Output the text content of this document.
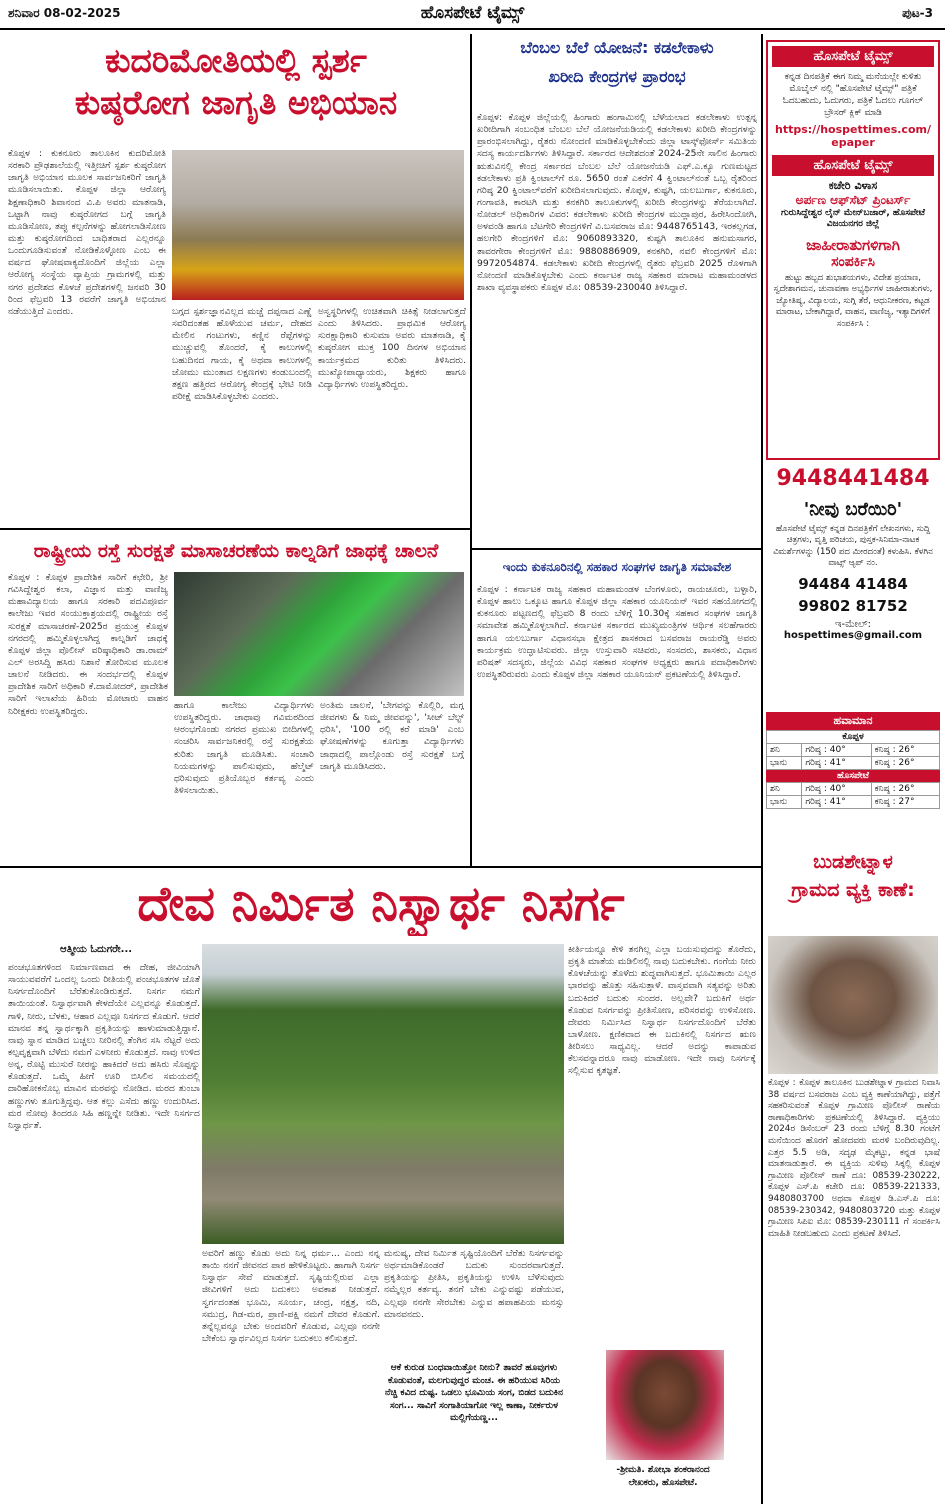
ಹೊಸಪೇಟೆ ಟೈಮ್ಸ್
ಶನಿವಾರ 08-02-2025	ಪುಟ-3
ಕುದರಿಮೋತಿಯಲ್ಲಿ ಸ್ಪರ್ಶ
ಕುಷ್ಠರೋಗ ಜಾಗೃತಿ ಅಭಿಯಾನ
ಕೊಪ್ಪಳ : ಕುಕನೂರು ತಾಲೂಕಿನ ಕುದರಿಮೋತಿ ಸರಕಾರಿ ಪ್ರೌಢಶಾಲೆಯಲ್ಲಿ ಇತ್ತೀಚಿಗೆ ಸ್ಪರ್ಶ ಕುಷ್ಠರೋಗ ಜಾಗೃತಿ ಅಭಿಯಾನ ಮೂಲಕ ಸಾರ್ವಜನಿಕರಿಗೆ ಜಾಗೃತಿ ಮೂಡಿಸಲಾಯಿತು. ಕೊಪ್ಪಳ ಜಿಲ್ಲಾ ಆರೋಗ್ಯ ಶಿಕ್ಷಣಾಧಿಕಾರಿ ಶಿವಾನಂದ ವಿ.ಪಿ ಅವರು ಮಾತನಾಡಿ, ಒಟ್ಟಾಗಿ ನಾವು ಕುಷ್ಠರೋಗದ ಬಗ್ಗೆ ಜಾಗೃತಿ ಮೂಡಿಸೋಣ, ತಪ್ಪು ಕಲ್ಪನೆಗಳನ್ನು ಹೋಗಲಾಡಿಸೋಣ ಮತ್ತು ಕುಷ್ಠರೋಗದಿಂದ ಬಾಧಿತರಾದ ಎಲ್ಲರನ್ನೂ ಒಂದುಗೂಡಿಸುವಂತೆ ನೋಡಿಕೊಳ್ಳೋಣ ಎಂಬ ಈ ವರ್ಷದ ಘೋಷವಾಕ್ಯದೊಂದಿಗೆ ಜಿಲ್ಲೆಯ ಎಲ್ಲಾ ಆರೋಗ್ಯ ಸಂಸ್ಥೆಯ ವ್ಯಾಪ್ತಿಯ ಗ್ರಾಮಗಳಲ್ಲಿ ಮತ್ತು ನಗರ ಪ್ರದೇಶದ ಕೊಳಚೆ ಪ್ರದೇಶಗಳಲ್ಲಿ ಜನವರಿ 30 ರಿಂದ ಫೆಬ್ರವರಿ 13 ರವರೆಗೆ ಜಾಗೃತಿ ಅಭಿಯಾನ ನಡೆಯುತ್ತಿದೆ ಎಂದರು.	ಬಗ್ಗದ ಸ್ಪರ್ಶಜ್ಞಾನವಿಲ್ಲದ ಮಚ್ಚೆ ದಪ್ಪನಾದ ಎಣ್ಣೆ ಸವರಿದಂತಹ ಹೊಳೆಯುವ ಚರ್ಮ, ದೇಹದ ಮೇಲಿನ ಗಂಟುಗಳು, ಕಣ್ಣಿನ ರೆಪ್ಪೆಗಳನ್ನು ಮುಚ್ಚುವಲ್ಲಿ ತೊಂದರೆ, ಕೈ ಕಾಲುಗಳಲ್ಲಿ ಬಹುದಿನದ ಗಾಯ, ಕೈ ಅಥವಾ ಕಾಲುಗಳಲ್ಲಿ ಜೋಮು ಮುಂತಾದ ಲಕ್ಷಣಗಳು ಕಂಡುಬಂದಲ್ಲಿ ತಕ್ಷಣ ಹತ್ತಿರದ ಆರೋಗ್ಯ ಕೇಂದ್ರಕ್ಕೆ ಭೇಟಿ ನೀಡಿ ಪರೀಕ್ಷೆ ಮಾಡಿಸಿಕೊಳ್ಳಬೇಕು ಎಂದರು.
ಅಸ್ವಸ್ಥರಿಗಳಲ್ಲಿ ಉಚಿತವಾಗಿ ಚಿಕಿತ್ಸೆ ನೀಡಲಾಗುತ್ತದೆ ಎಂದು ತಿಳಿಸಿದರು. ಪ್ರಾಥಮಿಕ ಆರೋಗ್ಯ ಸುರಕ್ಷಾಧಿಕಾರಿ ಕುಸುಮಾ ಅವರು ಮಾತನಾಡಿ, ಕೈ ಕುಷ್ಠರೋಗ ಮುಕ್ತ 100 ದಿನಗಳ ಅಭಿಯಾನ ಕಾರ್ಯಕ್ರಮದ ಕುರಿತು ತಿಳಿಸಿದರು. ಮುಖ್ಯೋಪಾಧ್ಯಾಯರು, ಶಿಕ್ಷಕರು ಹಾಗೂ ವಿದ್ಯಾರ್ಥಿಗಳು ಉಪಸ್ಥಿತರಿದ್ದರು.
ರಾಷ್ಟ್ರೀಯ ರಸ್ತೆ ಸುರಕ್ಷತೆ ಮಾಸಾಚರಣೆಯ ಕಾಲ್ನಡಿಗೆ ಜಾಥಕ್ಕೆ ಚಾಲನೆ
ಕೊಪ್ಪಳ : ಕೊಪ್ಪಳ ಪ್ರಾದೇಶಿಕ ಸಾರಿಗೆ ಕಛೇರಿ, ಶ್ರೀ ಗವಿಸಿದ್ದೇಶ್ವರ ಕಲಾ, ವಿಜ್ಞಾನ ಮತ್ತು ವಾಣಿಜ್ಯ ಮಹಾವಿದ್ಯಾಲಯ ಹಾಗೂ ಸರಕಾರಿ ಪದವಿಪೂರ್ವ ಕಾಲೇಜು ಇವರ ಸಂಯುಕ್ತಾಶ್ರಯದಲ್ಲಿ ರಾಷ್ಟ್ರೀಯ ರಸ್ತೆ ಸುರಕ್ಷತೆ ಮಾಸಾಚರಣೆ-2025ರ ಪ್ರಯುಕ್ತ ಕೊಪ್ಪಳ ನಗರದಲ್ಲಿ ಹಮ್ಮಿಕೊಳ್ಳಲಾಗಿದ್ದ ಕಾಲ್ನಡಿಗೆ ಜಾಥಕ್ಕೆ ಕೊಪ್ಪಳ ಜಿಲ್ಲಾ ಪೊಲೀಸ್ ವರಿಷ್ಠಾಧಿಕಾರಿ ಡಾ.ರಾಮ್ ಎಲ್ ಅರಸಿದ್ದಿ ಹಸಿರು ನಿಶಾನೆ ತೋರಿಸುವ ಮೂಲಕ ಚಾಲನೆ ನೀಡಿದರು. ಈ ಸಂದರ್ಭದಲ್ಲಿ ಕೊಪ್ಪಳ ಪ್ರಾದೇಶಿಕ ಸಾರಿಗೆ ಅಧಿಕಾರಿ ಕೆ.ದಾಮೋದರ್, ಪ್ರಾದೇಶಿಕ ಸಾರಿಗೆ ಇಲಾಖೆಯ ಹಿರಿಯ ಮೋಟಾರು ವಾಹನ ನಿರೀಕ್ಷಕರು ಉಪಸ್ಥಿತರಿದ್ದರು.
ಹಾಗೂ ಕಾಲೇಜು ವಿದ್ಯಾರ್ಥಿಗಳು ಉಪಸ್ಥಿತರಿದ್ದರು. ಜಾಥಾವು ಗವಿಮಠದಿಂದ ಆರಂಭಗೊಂಡು ನಗರದ ಪ್ರಮುಖ ಬೀದಿಗಳಲ್ಲಿ ಸಂಚರಿಸಿ ಸಾರ್ವಜನಿಕರಲ್ಲಿ ರಸ್ತೆ ಸುರಕ್ಷತೆಯ ಕುರಿತು ಜಾಗೃತಿ ಮೂಡಿಸಿತು. ಸಂಚಾರಿ ನಿಯಮಗಳನ್ನು ಪಾಲಿಸುವುದು, ಹೆಲ್ಮೆಟ್ ಧರಿಸುವುದು ಪ್ರತಿಯೊಬ್ಬರ ಕರ್ತವ್ಯ ಎಂದು ತಿಳಿಸಲಾಯಿತು.
ಅಂತಿಮ ಚಾಲನೆ, 'ಬೇಗವನ್ನು ಕೊಲ್ಲಿರಿ, ಮಗ್ಗ ಜೀವಗಳು & ನಿಮ್ಮ ಜೀವವನ್ನು', 'ಸೀಟ್ ಬೆಲ್ಟ್ ಧರಿಸಿ', '100 ರಲ್ಲಿ ಕರೆ ಮಾಡಿ' ಎಂಬ ಘೋಷಣೆಗಳನ್ನು ಕೂಗುತ್ತಾ ವಿದ್ಯಾರ್ಥಿಗಳು ಜಾಥಾದಲ್ಲಿ ಪಾಲ್ಗೊಂಡು ರಸ್ತೆ ಸುರಕ್ಷತೆ ಬಗ್ಗೆ ಜಾಗೃತಿ ಮೂಡಿಸಿದರು.
ಬೆಂಬಲ ಬೆಲೆ ಯೋಜನೆ: ಕಡಲೇಕಾಳು
ಖರೀದಿ ಕೇಂದ್ರಗಳ ಪ್ರಾರಂಭ
ಕೊಪ್ಪಳ: ಕೊಪ್ಪಳ ಜಿಲ್ಲೆಯಲ್ಲಿ ಹಿಂಗಾರು ಹಂಗಾಮಿನಲ್ಲಿ ಬೆಳೆಯಲಾದ ಕಡಲೇಕಾಳು ಉತ್ಪನ್ನ ಖರೀದಿಗಾಗಿ ಸಂಬಂಧಿತ ಬೆಂಬಲ ಬೆಲೆ ಯೋಜನೆಯಡಿಯಲ್ಲಿ ಕಡಲೇಕಾಳು ಖರೀದಿ ಕೇಂದ್ರಗಳನ್ನು ಪ್ರಾರಂಭಿಸಲಾಗಿದ್ದು, ರೈತರು ನೋಂದಣಿ ಮಾಡಿಕೊಳ್ಳಬೇಕೆಂದು ಜಿಲ್ಲಾ ಟಾಸ್ಕ್‌ಫೋರ್ಸ್ ಸಮಿತಿಯ ಸದಸ್ಯ ಕಾರ್ಯದರ್ಶಿಗಳು ತಿಳಿಸಿದ್ದಾರೆ. ಸರ್ಕಾರದ ಆದೇಶದಂತೆ 2024-25ನೇ ಸಾಲಿನ ಹಿಂಗಾರು ಋತುವಿನಲ್ಲಿ ಕೇಂದ್ರ ಸರ್ಕಾರದ ಬೆಂಬಲ ಬೆಲೆ ಯೋಜನೆಯಡಿ ಎಫ್.ಎ.ಕ್ಯೂ ಗುಣಮಟ್ಟದ ಕಡಲೇಕಾಳು ಪ್ರತಿ ಕ್ವಿಂಟಾಲ್‌ಗೆ ರೂ. 5650 ರಂತೆ ಎಕರೆಗೆ 4 ಕ್ವಿಂಟಾಲ್‌ನಂತೆ ಒಬ್ಬ ರೈತರಿಂದ ಗರಿಷ್ಠ 20 ಕ್ವಿಂಟಾಲ್‌ವರೆಗೆ ಖರೀದಿಸಲಾಗುವುದು. ಕೊಪ್ಪಳ, ಕುಷ್ಟಗಿ, ಯಲಬುರ್ಗಾ, ಕುಕನೂರು, ಗಂಗಾವತಿ, ಕಾರಟಗಿ ಮತ್ತು ಕನಕಗಿರಿ ತಾಲೂಕುಗಳಲ್ಲಿ ಖರೀದಿ ಕೇಂದ್ರಗಳನ್ನು ತೆರೆಯಲಾಗಿದೆ. ನೋಡಲ್ ಅಧಿಕಾರಿಗಳ ವಿವರ: ಕಡಲೇಕಾಳು ಖರೀದಿ ಕೇಂದ್ರಗಳ ಮುದ್ಲಾಪುರ, ಹಿರೇಸಿಂದೋಗಿ, ಅಳವಂಡಿ ಹಾಗೂ ಬೆಟಗೇರಿ ಕೇಂದ್ರಗಳಿಗೆ ವಿ.ಬಸವರಾಜ ಮೊ: 9448765143, ಇರಕಲ್ಲಗಡ, ಹಲಗೇರಿ ಕೇಂದ್ರಗಳಿಗೆ ಮೊ: 9060893320, ಕುಷ್ಟಗಿ ತಾಲೂಕಿನ ಹನುಮಸಾಗರ, ತಾವರಗೇರಾ ಕೇಂದ್ರಗಳಿಗೆ ಮೊ: 9880886909, ಕನಕಗಿರಿ, ನವಲಿ ಕೇಂದ್ರಗಳಿಗೆ ಮೊ: 9972054874. ಕಡಲೇಕಾಳು ಖರೀದಿ ಕೇಂದ್ರಗಳಲ್ಲಿ ರೈತರು ಫೆಬ್ರವರಿ 2025 ರೊಳಗಾಗಿ ನೋಂದಣಿ ಮಾಡಿಕೊಳ್ಳಬೇಕು ಎಂದು ಕರ್ನಾಟಕ ರಾಜ್ಯ ಸಹಕಾರ ಮಾರಾಟ ಮಹಾಮಂಡಳದ ಶಾಖಾ ವ್ಯವಸ್ಥಾಪಕರು ಕೊಪ್ಪಳ ಮೊ: 08539-230040 ತಿಳಿಸಿದ್ದಾರೆ.
ಇಂದು ಕುಕನೂರಿನಲ್ಲಿ ಸಹಕಾರ ಸಂಘಗಳ ಜಾಗೃತಿ ಸಮಾವೇಶ
ಕೊಪ್ಪಳ : ಕರ್ನಾಟಕ ರಾಜ್ಯ ಸಹಕಾರ ಮಹಾಮಂಡಳ ಬೆಂಗಳೂರು, ರಾಯಚೂರು, ಬಳ್ಳಾರಿ, ಕೊಪ್ಪಳ ಹಾಲು ಒಕ್ಕೂಟ ಹಾಗೂ ಕೊಪ್ಪಳ ಜಿಲ್ಲಾ ಸಹಕಾರ ಯೂನಿಯನ್ ಇವರ ಸಹಯೋಗದಲ್ಲಿ ಕುಕನೂರು ಪಟ್ಟಣದಲ್ಲಿ ಫೆಬ್ರವರಿ 8 ರಂದು ಬೆಳಿಗ್ಗೆ 10.30ಕ್ಕೆ ಸಹಕಾರ ಸಂಘಗಳ ಜಾಗೃತಿ ಸಮಾವೇಶ ಹಮ್ಮಿಕೊಳ್ಳಲಾಗಿದೆ. ಕರ್ನಾಟಕ ಸರ್ಕಾರದ ಮುಖ್ಯಮಂತ್ರಿಗಳ ಆರ್ಥಿಕ ಸಲಹೆಗಾರರು ಹಾಗೂ ಯಲಬುರ್ಗಾ ವಿಧಾನಸಭಾ ಕ್ಷೇತ್ರದ ಶಾಸಕರಾದ ಬಸವರಾಜ ರಾಯರೆಡ್ಡಿ ಅವರು ಕಾರ್ಯಕ್ರಮ ಉದ್ಘಾಟಿಸುವರು. ಜಿಲ್ಲಾ ಉಸ್ತುವಾರಿ ಸಚಿವರು, ಸಂಸದರು, ಶಾಸಕರು, ವಿಧಾನ ಪರಿಷತ್ ಸದಸ್ಯರು, ಜಿಲ್ಲೆಯ ವಿವಿಧ ಸಹಕಾರ ಸಂಘಗಳ ಅಧ್ಯಕ್ಷರು ಹಾಗೂ ಪದಾಧಿಕಾರಿಗಳು ಉಪಸ್ಥಿತರಿರುವರು ಎಂದು ಕೊಪ್ಪಳ ಜಿಲ್ಲಾ ಸಹಕಾರ ಯೂನಿಯನ್ ಪ್ರಕಟಣೆಯಲ್ಲಿ ತಿಳಿಸಿದ್ದಾರೆ.
ಹೊಸಪೇಟೆ ಟೈಮ್ಸ್
ಕನ್ನಡ ದಿನಪತ್ರಿಕೆ ಈಗ ನಿಮ್ಮ ಮನೆಯಲ್ಲೇ ಕುಳಿತು ಮೊಬೈಲ್ ನಲ್ಲಿ "ಹೊಸಪೇಟೆ ಟೈಮ್ಸ್" ಪತ್ರಿಕೆ ಓದಬಹುದು, ಓದುಗರು, ಪತ್ರಿಕೆ ಓದಲು ಗೂಗಲ್ ಬ್ರೌಸರ್ ಕ್ಲಿಕ್ ಮಾಡಿ
https://hospettimes.com/
epaper
ಹೊಸಪೇಟೆ ಟೈಮ್ಸ್
ಕಚೇರಿ ವಿಳಾಸ
ಅರ್ಪಣ ಆಫ್‌ಸೆಟ್ ಪ್ರಿಂಟರ್ಸ್
ಗುರುಸಿದ್ದೇಶ್ವರ ಲೈನ್ ಮೇನ್‌ಬಜಾರ್, ಹೊಸಪೇಟೆ ವಿಜಯನಗರ ಜಿಲ್ಲೆ
ಜಾಹೀರಾತುಗಳಿಗಾಗಿ
ಸಂಪರ್ಕಿಸಿ
ಹುಟ್ಟು ಹಬ್ಬದ ಶುಭಾಶಯಗಳು, ವಿದೇಶ ಪ್ರಯಾಣ, ಸ್ವದೇಶಾಗಮನ, ಚುನಾವಣಾ ಅಭ್ಯರ್ಥಿಗಳ ಜಾಹೀರಾತುಗಳು, ಜ್ಯೋತಿಷ್ಯ, ವಿದ್ಯಾಲಯ, ಸುಗ್ಗಿ ತೆರೆ, ಆಧುನೀಕರಣ, ಕಟ್ಟಡ ಮಾರಾಟ, ಬೇಕಾಗಿದ್ದಾರೆ, ವಾಹನ, ವಾಣಿಜ್ಯ, ಇತ್ಯಾದಿಗಳಿಗೆ ಸಂಪರ್ಕಿಸಿ :
9448441484
'ನೀವು ಬರೆಯಿರಿ'
ಹೊಸಪೇಟೆ ಟೈಮ್ಸ್ ಕನ್ನಡ ದಿನಪತ್ರಿಕೆಗೆ ಲೇಖನಗಳು, ಸುದ್ದಿ ಚಿತ್ರಗಳು, ವೃತ್ತಿ ಪರಿಚಯ, ಪುಸ್ತಕ-ಸಿನಿಮಾ-ನಾಟಕ ವಿಮರ್ಶೆಗಳನ್ನು (150 ಪದ ಮೀರದಂತೆ) ಕಳುಹಿಸಿ. ಕೆಳಗಿನ ವಾಟ್ಸ್ ಆ್ಯಪ್ ನಂ.
94484 41484
99802 81752
ಇ-ಮೇಲ್: hospettimes@gmail.com
ಹವಾಮಾನ
ಕೊಪ್ಪಳ		
ಶನಿ	ಗರಿಷ್ಠ : 40°	ಕನಿಷ್ಠ : 26°
ಭಾನು	ಗರಿಷ್ಠ : 41°	ಕನಿಷ್ಠ : 26°
ಹೊಸಪೇಟೆ
ಶನಿ	ಗರಿಷ್ಠ : 40°	ಕನಿಷ್ಠ : 26°
ಭಾನು	ಗರಿಷ್ಠ : 41°	ಕನಿಷ್ಠ : 27°
ಬುಡಶೇಟ್ನಾಳ
ಗ್ರಾಮದ ವ್ಯಕ್ತಿ ಕಾಣೆ:
ಕೊಪ್ಪಳ : ಕೊಪ್ಪಳ ತಾಲೂಕಿನ ಬುಡಶೇಟ್ನಾಳ ಗ್ರಾಮದ ನಿವಾಸಿ 38 ವರ್ಷದ ಬಸವರಾಜ ಎಂಬ ವ್ಯಕ್ತಿ ಕಾಣೆಯಾಗಿದ್ದು, ಪತ್ತೆಗೆ ಸಹಕರಿಸುವಂತೆ ಕೊಪ್ಪಳ ಗ್ರಾಮೀಣ ಪೊಲೀಸ್ ಠಾಣೆಯ ಠಾಣಾಧಿಕಾರಿಗಳು ಪ್ರಕಟಣೆಯಲ್ಲಿ ತಿಳಿಸಿದ್ದಾರೆ. ವ್ಯಕ್ತಿಯು 2024ರ ಡಿಸೆಂಬರ್ 23 ರಂದು ಬೆಳಿಗ್ಗೆ 8.30 ಗಂಟೆಗೆ ಮನೆಯಿಂದ ಹೊರಗೆ ಹೋದವರು ಮರಳಿ ಬಂದಿರುವುದಿಲ್ಲ. ಎತ್ತರ 5.5 ಅಡಿ, ಸದೃಢ ಮೈಕಟ್ಟು, ಕನ್ನಡ ಭಾಷೆ ಮಾತನಾಡುತ್ತಾರೆ. ಈ ವ್ಯಕ್ತಿಯ ಸುಳಿವು ಸಿಕ್ಕಲ್ಲಿ ಕೊಪ್ಪಳ ಗ್ರಾಮೀಣ ಪೊಲೀಸ್ ಠಾಣೆ ದೂ: 08539-230222, ಕೊಪ್ಪಳ ಎಸ್.ಪಿ ಕಚೇರಿ ದೂ: 08539-221333, 9480803700 ಅಥವಾ ಕೊಪ್ಪಳ ಡಿ.ಎಸ್.ಪಿ ದೂ: 08539-230342, 9480803720 ಮತ್ತು ಕೊಪ್ಪಳ ಗ್ರಾಮೀಣ ಸಿಪಿಐ ಮೊ: 08539-230111 ಗೆ ಸಂಪರ್ಕಿಸಿ ಮಾಹಿತಿ ನೀಡಬಹುದು ಎಂದು ಪ್ರಕಟಣೆ ತಿಳಿಸಿದೆ.
ದೇವ ನಿರ್ಮಿತ ನಿಸ್ವಾರ್ಥ ನಿಸರ್ಗ
ಆತ್ಮೀಯ ಓದುಗರೇ...
ಪಂಚಭೂತಗಳಿಂದ ನಿರ್ಮಾಣವಾದ ಈ ದೇಹ, ಜೀವಿಯಾಗಿ ಸಾಯುವವರೆಗೆ ಒಂದಲ್ಲ ಒಂದು ರೀತಿಯಲ್ಲಿ ಪಂಚಭೂತಗಳ ಜೊತೆ ನಿಸರ್ಗದೊಂದಿಗೆ ಬೆರೆತುಕೊಂಡಿರುತ್ತದೆ. ನಿಸರ್ಗ ನಮಗೆ ತಾಯಿಯಂತೆ. ನಿಸ್ವಾರ್ಥವಾಗಿ ಕೇಳದೆಯೇ ಎಲ್ಲವನ್ನೂ ಕೊಡುತ್ತದೆ. ಗಾಳಿ, ನೀರು, ಬೆಳಕು, ಆಹಾರ ಎಲ್ಲವೂ ನಿಸರ್ಗದ ಕೊಡುಗೆ. ಆದರೆ ಮಾನವ ತನ್ನ ಸ್ವಾರ್ಥಕ್ಕಾಗಿ ಪ್ರಕೃತಿಯನ್ನು ಹಾಳುಮಾಡುತ್ತಿದ್ದಾನೆ. ನಾವು ಸ್ನಾನ ಮಾಡಿದ ಬಚ್ಚಲು ನೀರಿನಲ್ಲಿ ತೆಂಗಿನ ಸಸಿ ನೆಟ್ಟರೆ ಅದು ಕಲ್ಪವೃಕ್ಷವಾಗಿ ಬೆಳೆದು ನಮಗೆ ಎಳನೀರು ಕೊಡುತ್ತದೆ. ನಾವು ಉಳಿದ ಅನ್ನ, ರೊಟ್ಟಿ ಮುಸುರೆ ನೀರನ್ನು ಹಾಕಿದರೆ ಅದು ಹಸಿರು ಸೊಪ್ಪನ್ನು ಕೊಡುತ್ತದೆ. ಒಮ್ಮೆ ಹೀಗೆ ಊರಿ ಬಿಸಿಲಿನ ಸಮಯದಲ್ಲಿ ದಾರಿಹೋಕನೊಬ್ಬ ಮಾವಿನ ಮರವನ್ನು ನೋಡಿದ. ಮರದ ತುಂಬಾ ಹಣ್ಣುಗಳು ತೂಗುತ್ತಿದ್ದವು. ಆತ ಕಲ್ಲು ಎಸೆದು ಹಣ್ಣು ಉದುರಿಸಿದ. ಮರ ನೋವು ತಿಂದರೂ ಸಿಹಿ ಹಣ್ಣನ್ನೇ ನೀಡಿತು. ಇದೇ ನಿಸರ್ಗದ ನಿಸ್ವಾರ್ಥತೆ.
ಅವರಿಗೆ ಹಣ್ಣು ಕೊಡು ಅದು ನಿನ್ನ ಧರ್ಮ... ಎಂದು ನನ್ನ ತಾಯಿ ನನಗೆ ಜೀವನದ ಪಾಠ ಹೇಳಿಕೊಟ್ಟರು. ಹಾಗಾಗಿ ನಿಸರ್ಗ ನಿಸ್ವಾರ್ಥ ಸೇವೆ ಮಾಡುತ್ತದೆ. ಸೃಷ್ಟಿಯಲ್ಲಿರುವ ಎಲ್ಲಾ ಜೀವಿಗಳಿಗೆ ಅದು ಬದುಕಲು ಅವಕಾಶ ನೀಡುತ್ತದೆ. ಸ್ವರ್ಗದಂತಹ ಭೂಮಿ, ಸೂರ್ಯ, ಚಂದ್ರ, ನಕ್ಷತ್ರ, ನದಿ, ಸಮುದ್ರ, ಗಿಡ-ಮರ, ಪ್ರಾಣಿ-ಪಕ್ಷಿ ನಮಗೆ ದೇವರ ಕೊಡುಗೆ. ತನ್ನೆಲ್ಲವನ್ನೂ ಬೇಕು ಅಂದವರಿಗೆ ಕೊಡುವ, ಎಲ್ಲವೂ ನನಗೇ ಬೇಕೆಂಬ ಸ್ವಾರ್ಥವಿಲ್ಲದ ನಿಸರ್ಗ ಬದುಕಲು ಕಲಿಸುತ್ತದೆ.
ಮನುಷ್ಯ, ದೇವ ನಿರ್ಮಿತ ಸೃಷ್ಟಿಯೊಂದಿಗೆ ಬೆರೆತು ನಿಸರ್ಗವನ್ನು ಅರ್ಥಮಾಡಿಕೊಂಡರೆ ಬದುಕು ಸುಂದರವಾಗುತ್ತದೆ. ಪ್ರಕೃತಿಯನ್ನು ಪ್ರೀತಿಸಿ, ಪ್ರಕೃತಿಯನ್ನು ಉಳಿಸಿ ಬೆಳೆಸುವುದು ನಮ್ಮೆಲ್ಲರ ಕರ್ತವ್ಯ. ತನಗೆ ಬೇಕು ಎನ್ನುವಷ್ಟು ಪಡೆಯುವ, ಎಲ್ಲವೂ ನನಗೇ ಸೇರಬೇಕು ಎನ್ನುವ ಹಪಾಹಪಿಯ ಮನಸ್ಸು ಮಾನವನದು.
ಆಕೆ ಕುರುಡ ಬಂಧವಾಯಿತ್ತೋ ನೀನು? ತಾವರೆ ಹೂವುಗಳು ಕೊಡುವಂತೆ, ಮಲಗುವುದ್ದರ ಮಂಚ. ಈ ಹರಿಯುವ ಸಿರಿಯ ನೆಚ್ಚಿ ಕವಿದ ದುಷ್ಟ. ಒಡಲು ಭೂಮಿಯ ಸಂಗ, ಬಿಡದ ಬದುಕಿನ ಸಂಗ... ಸಾವಿಗೆ ಸಂಗಾತಿಯಾಗೋ ಇಲ್ಲ ಕಾಣಾ, ನೀರ್ಕರುಳ ಮಲ್ಲಿಗೆಯಣ್ಣ...
ಕೀರ್ತಿಯನ್ನೂ ಕೇಳಿ ತನಗಿಲ್ಲ ಎಲ್ಲಾ ಬಯಸುವುದನ್ನು ತೊರೆದು, ಪ್ರಕೃತಿ ಮಾತೆಯ ಮಡಿಲಿನಲ್ಲಿ ನಾವು ಬದುಕಬೇಕು. ಗಂಗೆಯ ನೀರು ಕೊಳಚೆಯನ್ನು ತೊಳೆದು ಶುದ್ಧವಾಗಿಸುತ್ತದೆ. ಭೂಮಿತಾಯಿ ಎಲ್ಲರ ಭಾರವನ್ನು ಹೊತ್ತು ಸಹಿಸುತ್ತಾಳೆ. ವಾಸ್ತವವಾಗಿ ಸತ್ಯವನ್ನು ಅರಿತು ಬದುಕಿದರೆ ಬದುಕು ಸುಂದರ. ಅಲ್ಲವೇ? ಬದುಕಿಗೆ ಅರ್ಥ ಕೊಡುವ ನಿಸರ್ಗವನ್ನು ಪ್ರೀತಿಸೋಣ, ಪರಿಸರವನ್ನು ಉಳಿಸೋಣ. ದೇವರು ನಿರ್ಮಿಸಿದ ನಿಸ್ವಾರ್ಥ ನಿಸರ್ಗದೊಂದಿಗೆ ಬೆರೆತು ಬಾಳೋಣ. ಕ್ಷಣಿಕವಾದ ಈ ಬದುಕಿನಲ್ಲಿ ನಿಸರ್ಗದ ಋಣ ತೀರಿಸಲು ಸಾಧ್ಯವಿಲ್ಲ. ಆದರೆ ಅದನ್ನು ಕಾಪಾಡುವ ಕೆಲಸವನ್ನಾದರೂ ನಾವು ಮಾಡೋಣ. ಇದೇ ನಾವು ನಿಸರ್ಗಕ್ಕೆ ಸಲ್ಲಿಸುವ ಕೃತಜ್ಞತೆ.
-ಶ್ರೀಮತಿ. ಶೋಭಾ ಶಂಕರಾನಂದ
ಲೇಖಕರು, ಹೊಸಪೇಟೆ.
